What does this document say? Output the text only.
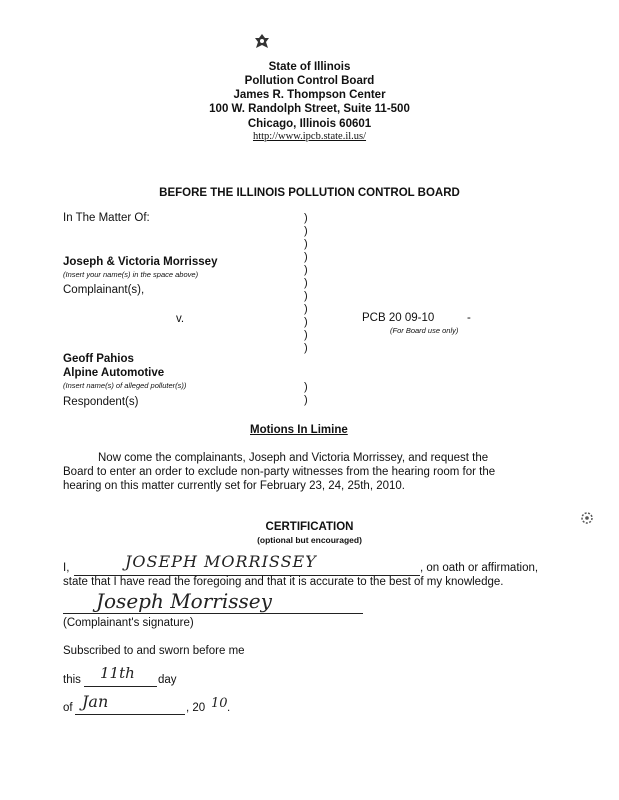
State of Illinois
Pollution Control Board
James R. Thompson Center
100 W. Randolph Street, Suite 11-500
Chicago, Illinois 60601
http://www.ipcb.state.il.us/
BEFORE THE ILLINOIS POLLUTION CONTROL BOARD
In The Matter Of:
Joseph & Victoria Morrissey
(Insert your name(s) in the space above)
Complainant(s),
v.
Geoff Pahios
Alpine Automotive
(Insert name(s) of alleged polluter(s))
Respondent(s)
)
)
)
)
)
)
)
)
)
)
)
)
)
PCB 20 09-10	-
(For Board use only)
Motions In Limine
Now come the complainants, Joseph and Victoria Morrissey, and request the
Board to enter an order to exclude non-party witnesses from the hearing room for the
hearing on this matter currently set for February 23, 24, 25th, 2010.
CERTIFICATION
(optional but encouraged)
I,	JOSEPH MORRISSEY	, on oath or affirmation,
state that I have read the foregoing and that it is accurate to the best of my knowledge.
Joseph Morrissey
(Complainant's signature)
Subscribed to and sworn before me
this 11th day
of Jan	, 20 10 .
